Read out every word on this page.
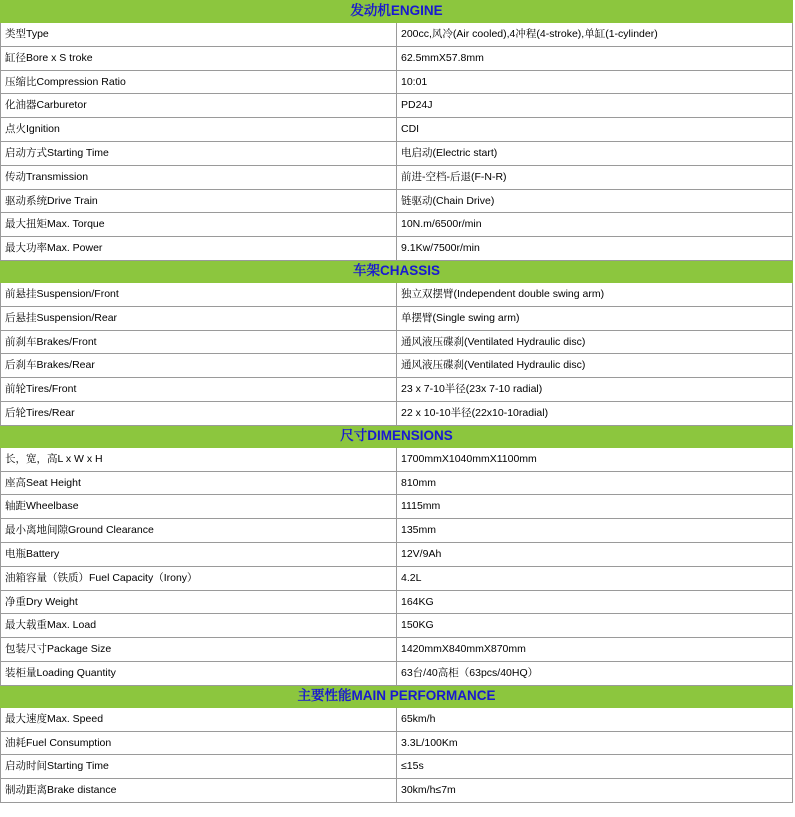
发动机ENGINE	
类型Type	200cc,风冷(Air cooled),4冲程(4-stroke),单缸(1-cylinder)
缸径Bore x S troke	62.5mmX57.8mm
压缩比Compression Ratio	10:01
化油器Carburetor	PD24J
点火Ignition	CDI
启动方式Starting Time	电启动(Electric start)
传动Transmission	前进-空档-后退(F-N-R)
驱动系统Drive Train	链驱动(Chain Drive)
最大扭矩Max. Torque	10N.m/6500r/min
最大功率Max. Power	9.1Kw/7500r/min
车架CHASSIS	
前悬挂Suspension/Front	独立双摆臂(Independent double swing arm)
后悬挂Suspension/Rear	单摆臂(Single swing arm)
前刹车Brakes/Front	通风液压碟刹(Ventilated Hydraulic disc)
后刹车Brakes/Rear	通风液压碟刹(Ventilated Hydraulic disc)
前轮Tires/Front	23 x 7-10半径(23x 7-10 radial)
后轮Tires/Rear	22 x 10-10半径(22x10-10radial)
尺寸DIMENSIONS	
长，宽，高L x W x H	1700mmX1040mmX1100mm
座高Seat Height	810mm
轴距Wheelbase	1115mm
最小离地间隙Ground Clearance	135mm
电瓶Battery	12V/9Ah
油箱容量（铁质）Fuel Capacity（Irony）	4.2L
净重Dry Weight	164KG
最大载重Max. Load	150KG
包装尺寸Package Size	1420mmX840mmX870mm
装柜量Loading Quantity	63台/40高柜（63pcs/40HQ）
主要性能MAIN PERFORMANCE	
最大速度Max. Speed	65km/h
油耗Fuel Consumption	3.3L/100Km
启动时间Starting Time	≤15s
制动距离Brake distance	30km/h≤7m
